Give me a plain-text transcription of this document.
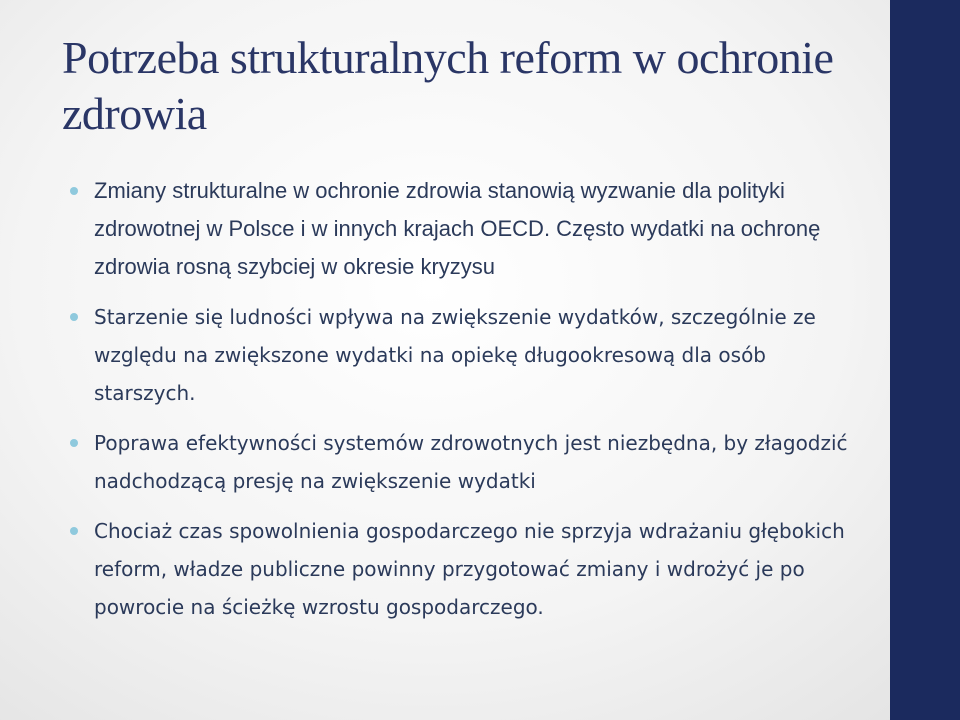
Potrzeba strukturalnych reform w ochronie zdrowia
Zmiany strukturalne w ochronie zdrowia stanowią wyzwanie dla polityki zdrowotnej w Polsce i w innych krajach OECD. Często wydatki na ochronę zdrowia rosną szybciej w okresie kryzysu
Starzenie się ludności wpływa na zwiększenie wydatków, szczególnie ze względu na zwiększone wydatki na opiekę długookresową dla osób starszych.
Poprawa efektywności systemów zdrowotnych jest niezbędna, by złagodzić nadchodzącą presję na zwiększenie wydatki
Chociaż czas spowolnienia gospodarczego nie sprzyja wdrażaniu głębokich reform, władze publiczne powinny przygotować zmiany i wdrożyć je po powrocie na ścieżkę wzrostu gospodarczego.
